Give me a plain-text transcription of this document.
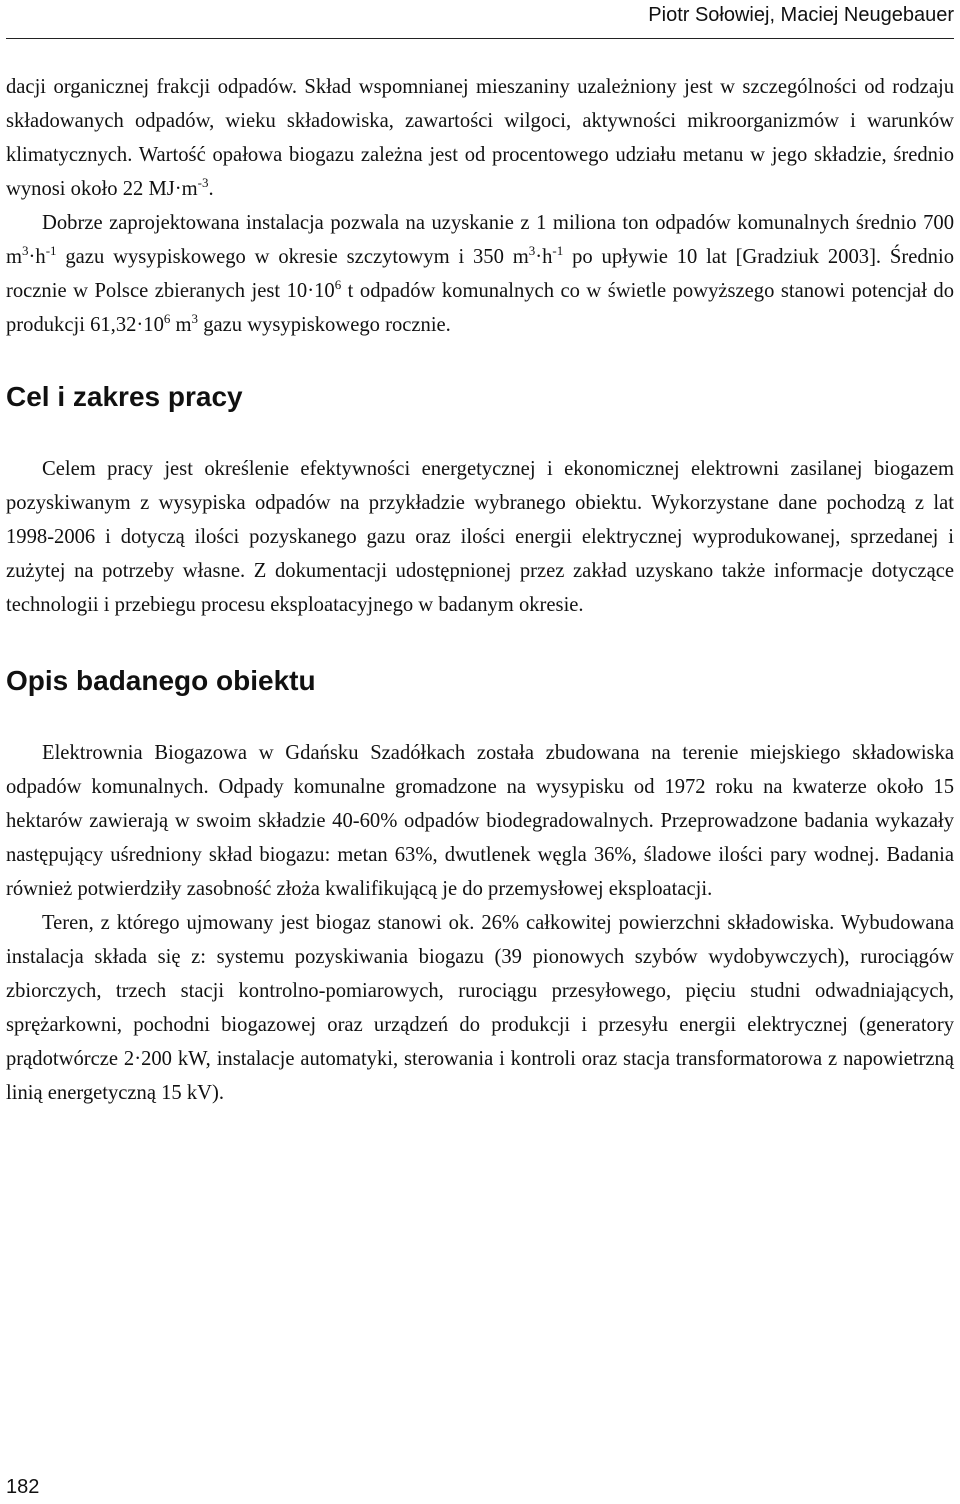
Piotr Sołowiej, Maciej Neugebauer

dacji organicznej frakcji odpadów. Skład wspomnianej mieszaniny uzależniony jest w szczególności od rodzaju składowanych odpadów, wieku składowiska, zawartości wilgoci, aktywności mikroorganizmów i warunków klimatycznych. Wartość opałowa biogazu zależna jest od procentowego udziału metanu w jego składzie, średnio wynosi około 22 $MJ\cdot m^{-3}$.

Dobrze zaprojektowana instalacja pozwala na uzyskanie z 1 miliona ton odpadów komunalnych średnio 700 $m^3\cdot h^{-1}$ gazu wysypiskowego w okresie szczytowym i 350 $m^3\cdot h^{-1}$ po upływie 10 lat [Gradziuk 2003]. Średnio rocznie w Polsce zbieranych jest $10\cdot 10^6$ t odpadów komunalnych co w świetle powyższego stanowi potencjał do produkcji $61,32\cdot 10^6$ $m^3$ gazu wysypiskowego rocznie.

Cel i zakres pracy

Celem pracy jest określenie efektywności energetycznej i ekonomicznej elektrowni zasilanej biogazem pozyskiwanym z wysypiska odpadów na przykładzie wybranego obiektu. Wykorzystane dane pochodzą z lat 1998-2006 i dotyczą ilości pozyskanego gazu oraz ilości energii elektrycznej wyprodukowanej, sprzedanej i zużytej na potrzeby własne. Z dokumentacji udostępnionej przez zakład uzyskano także informacje dotyczące technologii i przebiegu procesu eksploatacyjnego w badanym okresie.

Opis badanego obiektu

Elektrownia Biogazowa w Gdańsku Szadółkach została zbudowana na terenie miejskiego składowiska odpadów komunalnych. Odpady komunalne gromadzone na wysypisku od 1972 roku na kwaterze około 15 hektarów zawierają w swoim składzie 40-60% odpadów biodegradowalnych. Przeprowadzone badania wykazały następujący uśredniony skład biogazu: metan 63%, dwutlenek węgla 36%, śladowe ilości pary wodnej. Badania również potwierdziły zasobność złoża kwalifikującą je do przemysłowej eksploatacji.

Teren, z którego ujmowany jest biogaz stanowi ok. 26% całkowitej powierzchni składowiska. Wybudowana instalacja składa się z: systemu pozyskiwania biogazu (39 pionowych szybów wydobywczych), rurociągów zbiorczych, trzech stacji kontrolno-pomiarowych, rurociągu przesyłowego, pięciu studni odwadniających, sprężarkowni, pochodni biogazowej oraz urządzeń do produkcji i przesyłu energii elektrycznej (generatory prądotwórcze 2·200 kW, instalacje automatyki, sterowania i kontroli oraz stacja transformatorowa z napowietrzną linią energetyczną 15 kV).

182
